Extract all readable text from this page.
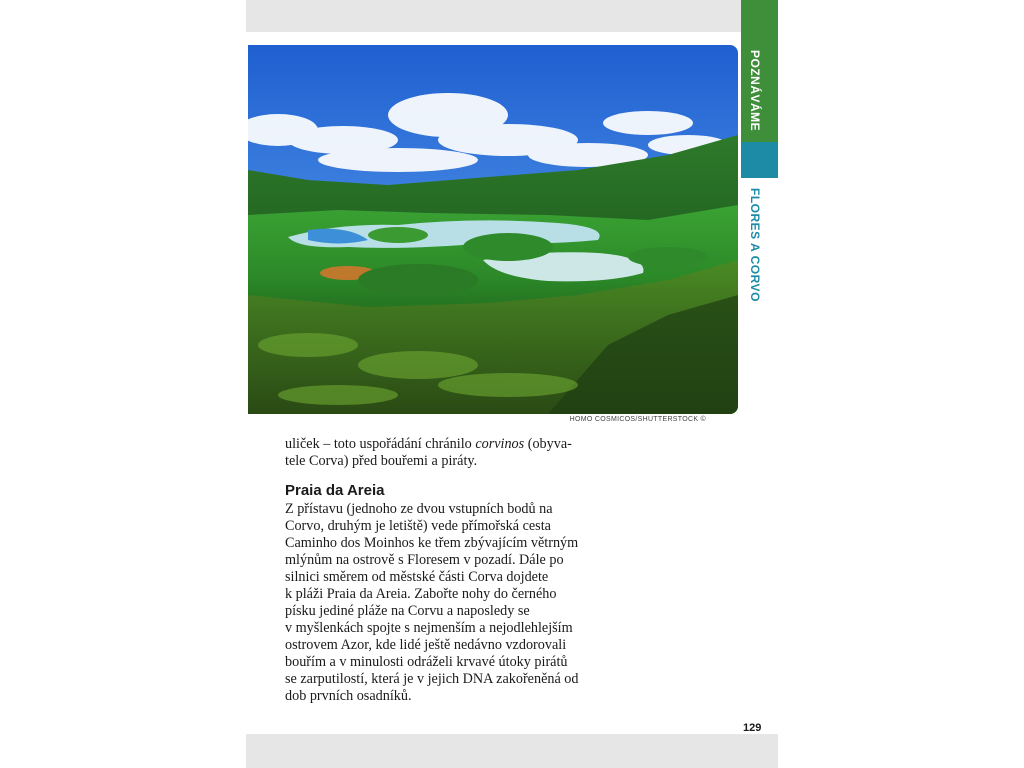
POZNÁVÁME
FLORES A CORVO
HOMO COSMICOS/SHUTTERSTOCK ©

uliček – toto uspořádání chránilo corvinos (obyva-
tele Corva) před bouřemi a piráty.

Praia da Areia

Z přístavu (jednoho ze dvou vstupních bodů na
Corvo, druhým je letiště) vede přímořská cesta
Caminho dos Moinhos ke třem zbývajícím větrným
mlýnům na ostrově s Floresem v pozadí. Dále po
silnici směrem od městské části Corva dojdete
k pláži Praia da Areia. Zabořte nohy do černého
písku jediné pláže na Corvu a naposledy se
v myšlenkách spojte s nejmenším a nejodlehlejším
ostrovem Azor, kde lidé ještě nedávno vzdorovali
bouřím a v minulosti odráželi krvavé útoky pirátů
se zarputilostí, která je v jejich DNA zakořeněná od
dob prvních osadníků.

129
